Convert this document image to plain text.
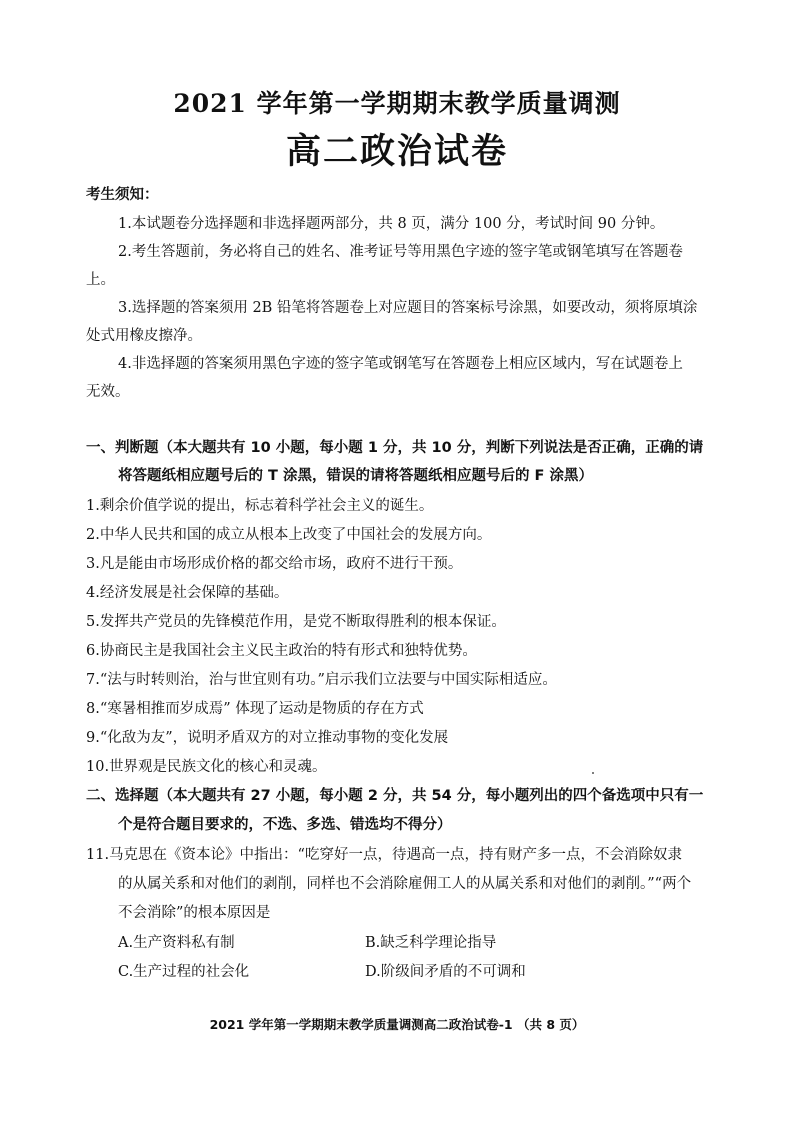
2021 学年第一学期期末教学质量调测
高二政治试卷
考生须知：
1.本试题卷分选择题和非选择题两部分，共 8 页，满分 100 分，考试时间 90 分钟。
2.考生答题前，务必将自己的姓名、准考证号等用黑色字迹的签字笔或钢笔填写在答题卷
上。
3.选择题的答案须用 2B 铅笔将答题卷上对应题目的答案标号涂黑，如要改动，须将原填涂
处式用橡皮擦净。
4.非选择题的答案须用黑色字迹的签字笔或钢笔写在答题卷上相应区域内，写在试题卷上
无效。
一、判断题（本大题共有 10 小题，每小题 1 分，共 10 分，判断下列说法是否正确，正确的请
将答题纸相应题号后的 T 涂黑，错误的请将答题纸相应题号后的 F 涂黑）
1.剩余价值学说的提出，标志着科学社会主义的诞生。
2.中华人民共和国的成立从根本上改变了中国社会的发展方向。
3.凡是能由市场形成价格的都交给市场，政府不进行干预。
4.经济发展是社会保障的基础。
5.发挥共产党员的先锋模范作用，是党不断取得胜利的根本保证。
6.协商民主是我国社会主义民主政治的特有形式和独特优势。
7.“法与时转则治，治与世宜则有功。”启示我们立法要与中国实际相适应。
8.“寒暑相推而岁成焉” 体现了运动是物质的存在方式
9.“化敌为友”，说明矛盾双方的对立推动事物的变化发展
10.世界观是民族文化的核心和灵魂。
二、选择题（本大题共有 27 小题，每小题 2 分，共 54 分，每小题列出的四个备选项中只有一
个是符合题目要求的，不选、多选、错选均不得分）
11.马克思在《资本论》中指出：“吃穿好一点，待遇高一点，持有财产多一点，不会消除奴隶
的从属关系和对他们的剥削，同样也不会消除雇佣工人的从属关系和对他们的剥削。”“两个
不会消除”的根本原因是
A.生产资料私有制	B.缺乏科学理论指导
C.生产过程的社会化	D.阶级间矛盾的不可调和
2021 学年第一学期期末教学质量调测高二政治试卷-1 （共 8 页）
